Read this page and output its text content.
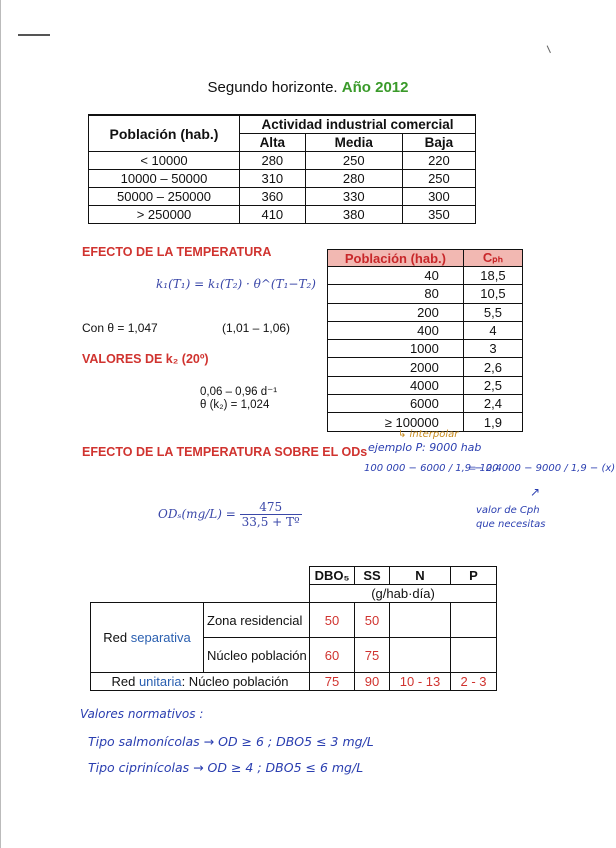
Segundo horizonte. Año 2012
Población (hab.)	Actividad industrial comercial		
	Alta	Media	Baja
< 10000	280	250	220
10000 – 50000	310	280	250
50000 – 250000	360	330	300
> 250000	410	380	350
EFECTO DE LA TEMPERATURA
k₁(T₁) = k₁(T₂) · θ^(T₁−T₂)
Con θ = 1,047	(1,01 – 1,06)
VALORES DE k₂ (20º)
0,06 – 0,96 d⁻¹
θ (k₂) = 1,024
Población (hab.)	Cₚₕ
40	18,5
80	10,5
200	5,5
400	4
1000	3
2000	2,6
4000	2,5
6000	2,4
≥ 100000	1,9
EFECTO DE LA TEMPERATURA SOBRE EL ODs
$OD_s(mg/L) = \frac{475}{\text{33,5 + Tº}}$
↳ interpolar
ejemplo P: 9000 hab
100 000 − 6000 / 1,9 − 2,4
= 100 000 − 9000 / 1,9 − (x)
↗
valor de Cph
que necesitas
		DBO₅	SS	N	P
		(g/hab·día)			
Red separativa	Zona residencial	50	50		
	Núcleo población	60	75		
Red unitaria: Núcleo población		75	90	10 - 13	2 - 3
Valores normativos :
Tipo salmonícolas → OD ≥ 6 ; DBO5 ≤ 3 mg/L
Tipo ciprinícolas → OD ≥ 4 ; DBO5 ≤ 6 mg/L
